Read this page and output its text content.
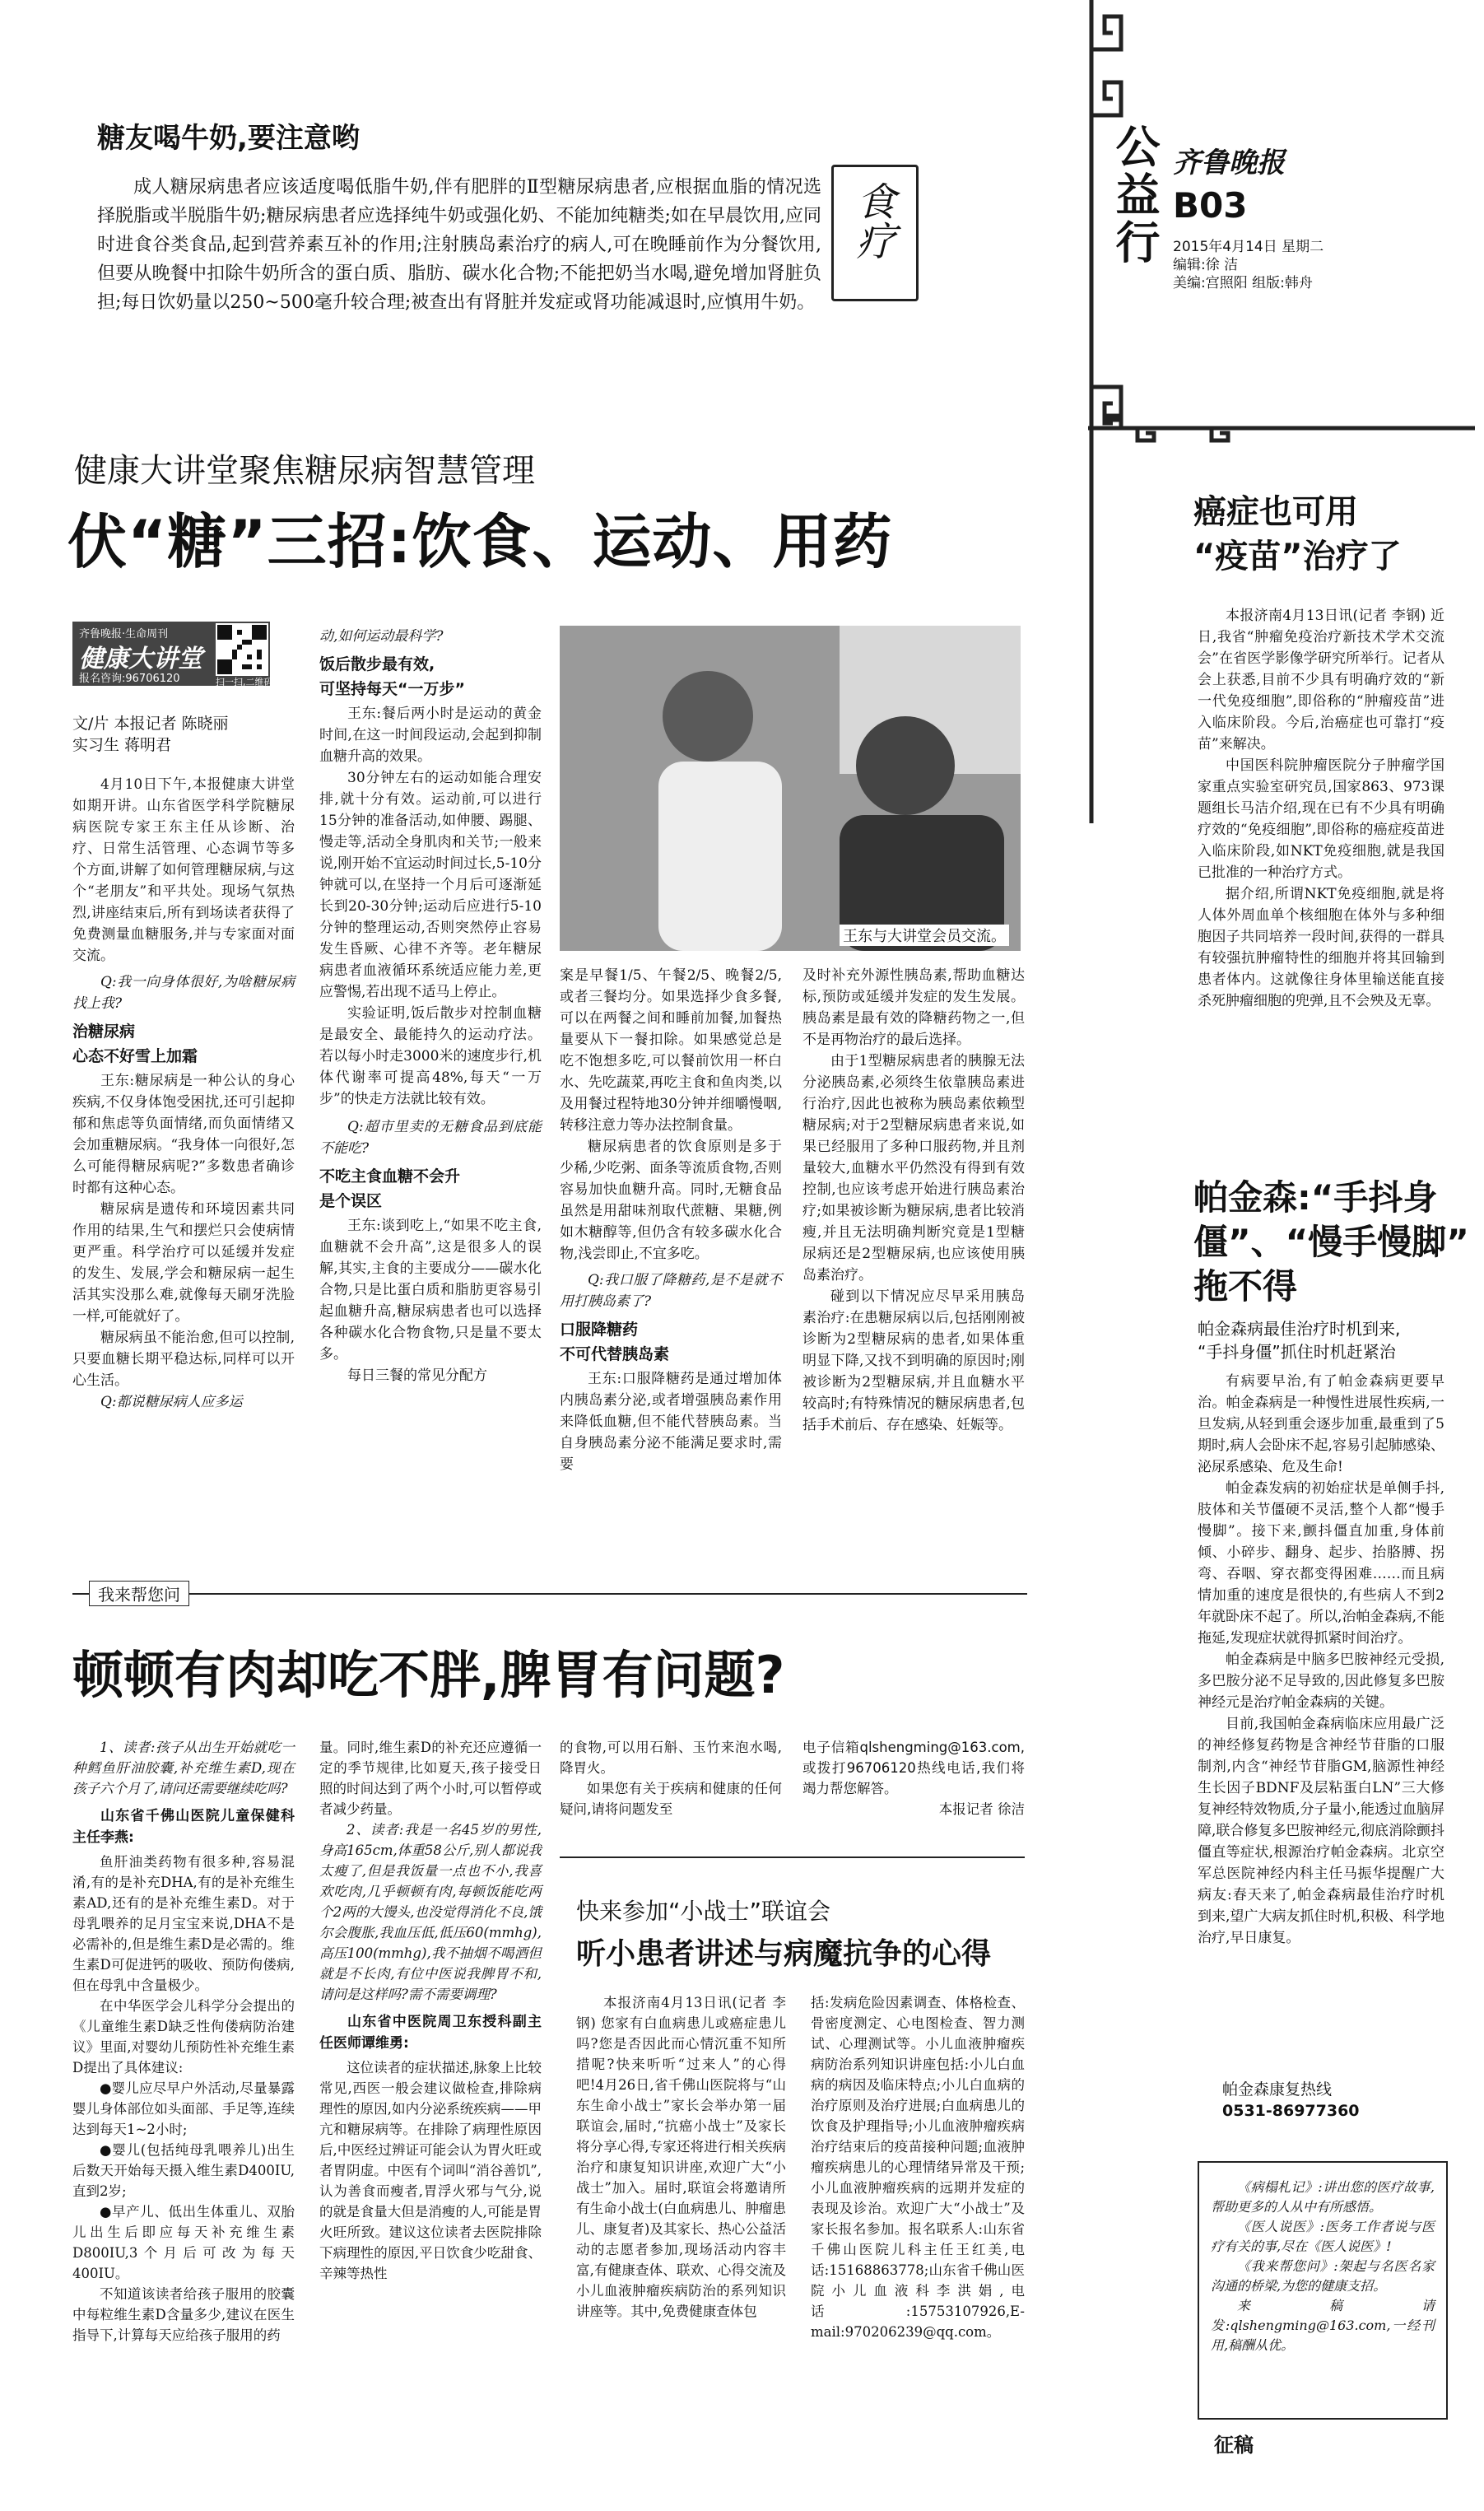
公益行 齐鲁晚报
B03
2015年4月14日 星期二
编辑:徐 洁
美编:宫照阳 组版:韩舟
糖友喝牛奶,要注意哟

成人糖尿病患者应该适度喝低脂牛奶,伴有肥胖的Ⅱ型糖尿病患者,应根据血脂的情况选择脱脂或半脱脂牛奶;糖尿病患者应选择纯牛奶或强化奶、不能加纯糖类;如在早晨饮用,应同时进食谷类食品,起到营养素互补的作用;注射胰岛素治疗的病人,可在晚睡前作为分餐饮用,但要从晚餐中扣除牛奶所含的蛋白质、脂肪、碳水化合物;不能把奶当水喝,避免增加肾脏负担;每日饮奶量以250~500毫升较合理;被查出有肾脏并发症或肾功能减退时,应慎用牛奶。

食疗
健康大讲堂聚焦糖尿病智慧管理
伏“糖”三招:饮食、运动、用药
齐鲁晚报·生命周刊
健康大讲堂
报名咨询:96706120	扫一扫,二维码
文/片 本报记者 陈晓丽
实习生 蒋明君
王东与大讲堂会员交流。

4月10日下午,本报健康大讲堂如期开讲。山东省医学科学院糖尿病医院专家王东主任从诊断、治疗、日常生活管理、心态调节等多个方面,讲解了如何管理糖尿病,与这个“老朋友”和平共处。现场气氛热烈,讲座结束后,所有到场读者获得了免费测量血糖服务,并与专家面对面交流。

Q:我一向身体很好,为啥糖尿病找上我?

治糖尿病
心态不好雪上加霜

王东:糖尿病是一种公认的身心疾病,不仅身体饱受困扰,还可引起抑郁和焦虑等负面情绪,而负面情绪又会加重糖尿病。“我身体一向很好,怎么可能得糖尿病呢?”多数患者确诊时都有这种心态。

糖尿病是遗传和环境因素共同作用的结果,生气和摆烂只会使病情更严重。科学治疗可以延缓并发症的发生、发展,学会和糖尿病一起生活其实没那么难,就像每天刷牙洗脸一样,可能就好了。

糖尿病虽不能治愈,但可以控制,只要血糖长期平稳达标,同样可以开心生活。

Q:都说糖尿病人应多运

动,如何运动最科学?

饭后散步最有效,
可坚持每天“一万步”

王东:餐后两小时是运动的黄金时间,在这一时间段运动,会起到抑制血糖升高的效果。

30分钟左右的运动如能合理安排,就十分有效。运动前,可以进行15分钟的准备活动,如伸腰、踢腿、慢走等,活动全身肌肉和关节;一般来说,刚开始不宜运动时间过长,5-10分钟就可以,在坚持一个月后可逐渐延长到20-30分钟;运动后应进行5-10分钟的整理运动,否则突然停止容易发生昏厥、心律不齐等。老年糖尿病患者血液循环系统适应能力差,更应警惕,若出现不适马上停止。

实验证明,饭后散步对控制血糖是最安全、最能持久的运动疗法。若以每小时走3000米的速度步行,机体代谢率可提高48%,每天“一万步”的快走方法就比较有效。

Q:超市里卖的无糖食品到底能不能吃?

不吃主食血糖不会升
是个误区

王东:谈到吃上,“如果不吃主食,血糖就不会升高”,这是很多人的误解,其实,主食的主要成分——碳水化合物,只是比蛋白质和脂肪更容易引起血糖升高,糖尿病患者也可以选择各种碳水化合物食物,只是量不要太多。

每日三餐的常见分配方

案是早餐1/5、午餐2/5、晚餐2/5,或者三餐均分。如果选择少食多餐,可以在两餐之间和睡前加餐,加餐热量要从下一餐扣除。如果感觉总是吃不饱想多吃,可以餐前饮用一杯白水、先吃蔬菜,再吃主食和鱼肉类,以及用餐过程特地30分钟并细嚼慢咽,转移注意力等办法控制食量。

糖尿病患者的饮食原则是多于少稀,少吃粥、面条等流质食物,否则容易加快血糖升高。同时,无糖食品虽然是用甜味剂取代蔗糖、果糖,例如木糖醇等,但仍含有较多碳水化合物,浅尝即止,不宜多吃。

Q:我口服了降糖药,是不是就不用打胰岛素了?

口服降糖药
不可代替胰岛素

王东:口服降糖药是通过增加体内胰岛素分泌,或者增强胰岛素作用来降低血糖,但不能代替胰岛素。当自身胰岛素分泌不能满足要求时,需要

及时补充外源性胰岛素,帮助血糖达标,预防或延缓并发症的发生发展。胰岛素是最有效的降糖药物之一,但不是再物治疗的最后选择。

由于1型糖尿病患者的胰腺无法分泌胰岛素,必须终生依靠胰岛素进行治疗,因此也被称为胰岛素依赖型糖尿病;对于2型糖尿病患者来说,如果已经服用了多种口服药物,并且剂量较大,血糖水平仍然没有得到有效控制,也应该考虑开始进行胰岛素治疗;如果被诊断为糖尿病,患者比较消瘦,并且无法明确判断究竟是1型糖尿病还是2型糖尿病,也应该使用胰岛素治疗。

碰到以下情况应尽早采用胰岛素治疗:在患糖尿病以后,包括刚刚被诊断为2型糖尿病的患者,如果体重明显下降,又找不到明确的原因时;刚被诊断为2型糖尿病,并且血糖水平较高时;有特殊情况的糖尿病患者,包括手术前后、存在感染、妊娠等。

癌症也可用
“疫苗”治疗了

本报济南4月13日讯(记者 李钢) 近日,我省“肿瘤免疫治疗新技术学术交流会”在省医学影像学研究所举行。记者从会上获悉,目前不少具有明确疗效的“新一代免疫细胞”,即俗称的“肿瘤疫苗”进入临床阶段。今后,治癌症也可靠打“疫苗”来解决。

中国医科院肿瘤医院分子肿瘤学国家重点实验室研究员,国家863、973课题组长马洁介绍,现在已有不少具有明确疗效的“免疫细胞”,即俗称的癌症疫苗进入临床阶段,如NKT免疫细胞,就是我国已批准的一种治疗方式。

据介绍,所谓NKT免疫细胞,就是将人体外周血单个核细胞在体外与多种细胞因子共同培养一段时间,获得的一群具有较强抗肿瘤特性的细胞并将其回输到患者体内。这就像往身体里输送能直接杀死肿瘤细胞的兜弹,且不会殃及无辜。

帕金森:“手抖身
僵”、“慢手慢脚”
拖不得
帕金森病最佳治疗时机到来,
“手抖身僵”抓住时机赶紧治

有病要早治,有了帕金森病更要早治。帕金森病是一种慢性进展性疾病,一旦发病,从轻到重会逐步加重,最重到了5期时,病人会卧床不起,容易引起肺感染、泌尿系感染、危及生命!

帕金森发病的初始症状是单侧手抖,肢体和关节僵硬不灵活,整个人都“慢手慢脚”。接下来,颤抖僵直加重,身体前倾、小碎步、翻身、起步、抬胳膊、拐弯、吞咽、穿衣都变得困难……而且病情加重的速度是很快的,有些病人不到2年就卧床不起了。所以,治帕金森病,不能拖延,发现症状就得抓紧时间治疗。

帕金森病是中脑多巴胺神经元受损,多巴胺分泌不足导致的,因此修复多巴胺神经元是治疗帕金森病的关键。

目前,我国帕金森病临床应用最广泛的神经修复药物是含神经节苷脂的口服制剂,内含“神经节苷脂GM,脑源性神经生长因子BDNF及层粘蛋白LN”三大修复神经特效物质,分子量小,能透过血脑屏障,联合修复多巴胺神经元,彻底消除颤抖僵直等症状,根源治疗帕金森病。北京空军总医院神经内科主任马振华提醒广大病友:春天来了,帕金森病最佳治疗时机到来,望广大病友抓住时机,积极、科学地治疗,早日康复。

帕金森康复热线
0531-86977360

《病榻札记》:讲出您的医疗故事,帮助更多的人从中有所感悟。

《医人说医》:医务工作者说与医疗有关的事,尽在《医人说医》!

《我来帮您问》:架起与名医名家沟通的桥梁,为您的健康支招。

来稿请发:qlshengming@163.com,一经刊用,稿酬从优。

征稿
我来帮您问
顿顿有肉却吃不胖,脾胃有问题?

1、读者:孩子从出生开始就吃一种鳕鱼肝油胶囊,补充维生素D,现在孩子六个月了,请问还需要继续吃吗?

山东省千佛山医院儿童保健科主任李燕:

鱼肝油类药物有很多种,容易混淆,有的是补充DHA,有的是补充维生素AD,还有的是补充维生素D。对于母乳喂养的足月宝宝来说,DHA不是必需补的,但是维生素D是必需的。维生素D可促进钙的吸收、预防佝偻病,但在母乳中含量极少。

在中华医学会儿科学分会提出的《儿童维生素D缺乏性佝偻病防治建议》里面,对婴幼儿预防性补充维生素D提出了具体建议:

●婴儿应尽早户外活动,尽量暴露婴儿身体部位如头面部、手足等,连续达到每天1~2小时;

●婴儿(包括纯母乳喂养儿)出生后数天开始每天摄入维生素D400IU,直到2岁;

●早产儿、低出生体重儿、双胎儿出生后即应每天补充维生素D800IU,3个月后可改为每天400IU。

不知道该读者给孩子服用的胶囊中每粒维生素D含量多少,建议在医生指导下,计算每天应给孩子服用的药

量。同时,维生素D的补充还应遵循一定的季节规律,比如夏天,孩子接受日照的时间达到了两个小时,可以暂停或者减少药量。

2、读者:我是一名45岁的男性,身高165cm,体重58公斤,别人都说我太瘦了,但是我饭量一点也不小,我喜欢吃肉,几乎顿顿有肉,每顿饭能吃两个2两的大馒头,也没觉得消化不良,饿尔会腹胀,我血压低,低压60(mmhg),高压100(mmhg),我不抽烟不喝酒但就是不长肉,有位中医说我脾胃不和,请问是这样吗?需不需要调理?

山东省中医院周卫东授科副主任医师谭维勇:

这位读者的症状描述,脉象上比较常见,西医一般会建议做检查,排除病理性的原因,如内分泌系统疾病——甲亢和糖尿病等。在排除了病理性原因后,中医经过辨证可能会认为胃火旺或者胃阴虚。中医有个词叫“消谷善饥”,认为善食而瘦者,胃浮火邪与气分,说的就是食量大但是消瘦的人,可能是胃火旺所致。建议这位读者去医院排除下病理性的原因,平日饮食少吃甜食、辛辣等热性

的食物,可以用石斛、玉竹来泡水喝,降胃火。

如果您有关于疾病和健康的任何疑问,请将问题发至

电子信箱qlshengming@163.com,或拨打96706120热线电话,我们将竭力帮您解答。

本报记者 徐洁

快来参加“小战士”联谊会
听小患者讲述与病魔抗争的心得

本报济南4月13日讯(记者 李钢) 您家有白血病患儿或癌症患儿吗?您是否因此而心情沉重不知所措呢?快来听听“过来人”的心得吧!4月26日,省千佛山医院将与“山东生命小战士”家长会举办第一届联谊会,届时,“抗癌小战士”及家长将分享心得,专家还将进行相关疾病治疗和康复知识讲座,欢迎广大“小战士”加入。届时,联谊会将邀请所有生命小战士(白血病患儿、肿瘤患儿、康复者)及其家长、热心公益活动的志愿者参加,现场活动内容丰富,有健康查体、联欢、心得交流及小儿血液肿瘤疾病防治的系列知识讲座等。其中,免费健康查体包

括:发病危险因素调查、体格检查、骨密度测定、心电图检查、智力测试、心理测试等。小儿血液肿瘤疾病防治系列知识讲座包括:小儿白血病的病因及临床特点;小儿白血病的治疗原则及治疗进展;白血病患儿的饮食及护理指导;小儿血液肿瘤疾病治疗结束后的疫苗接种问题;血液肿瘤疾病患儿的心理情绪异常及干预;小儿血液肿瘤疾病的远期并发症的表现及诊治。欢迎广大“小战士”及家长报名参加。报名联系人:山东省千佛山医院儿科主任王红美,电话:15168863778;山东省千佛山医院小儿血液科李洪娟,电话:15753107926,E-mail:970206239@qq.com。
